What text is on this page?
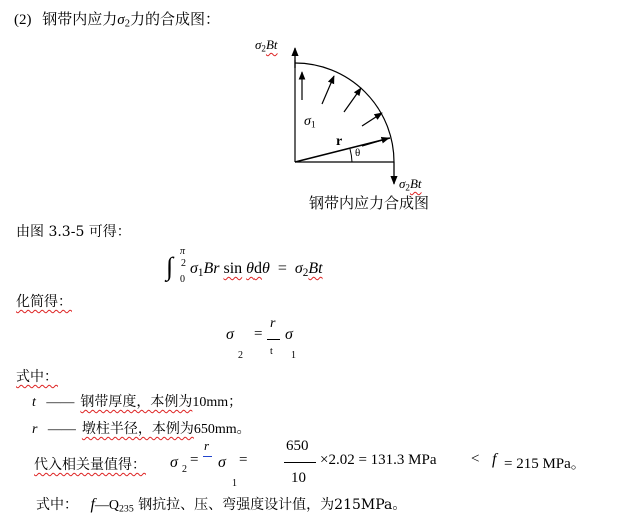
(2) 钢带内应力$\sigma_2$力的合成图：
$\sigma_2Bt$
$\sigma_1$
r
θ
$\sigma_2Bt$
钢带内应力合成图
由图 3.3-5 可得：
∫
π
2
0
$\sigma_1Br$ $\sin \theta d\theta = \sigma_2Bt$
化简得：
σ
2
=
r
t
σ
1
式中：
t —— 钢带厚度，本例为10mm；
r —— 墩柱半径，本例为650mm。
代入相关量值得： σ 2
=
r
1
σ =
650
10
×2.02 = 131.3 MPa < f = 215 MPa。
式中： $f—Q_{235}$ 钢抗拉、压、弯强度设计值，为215MPa。
